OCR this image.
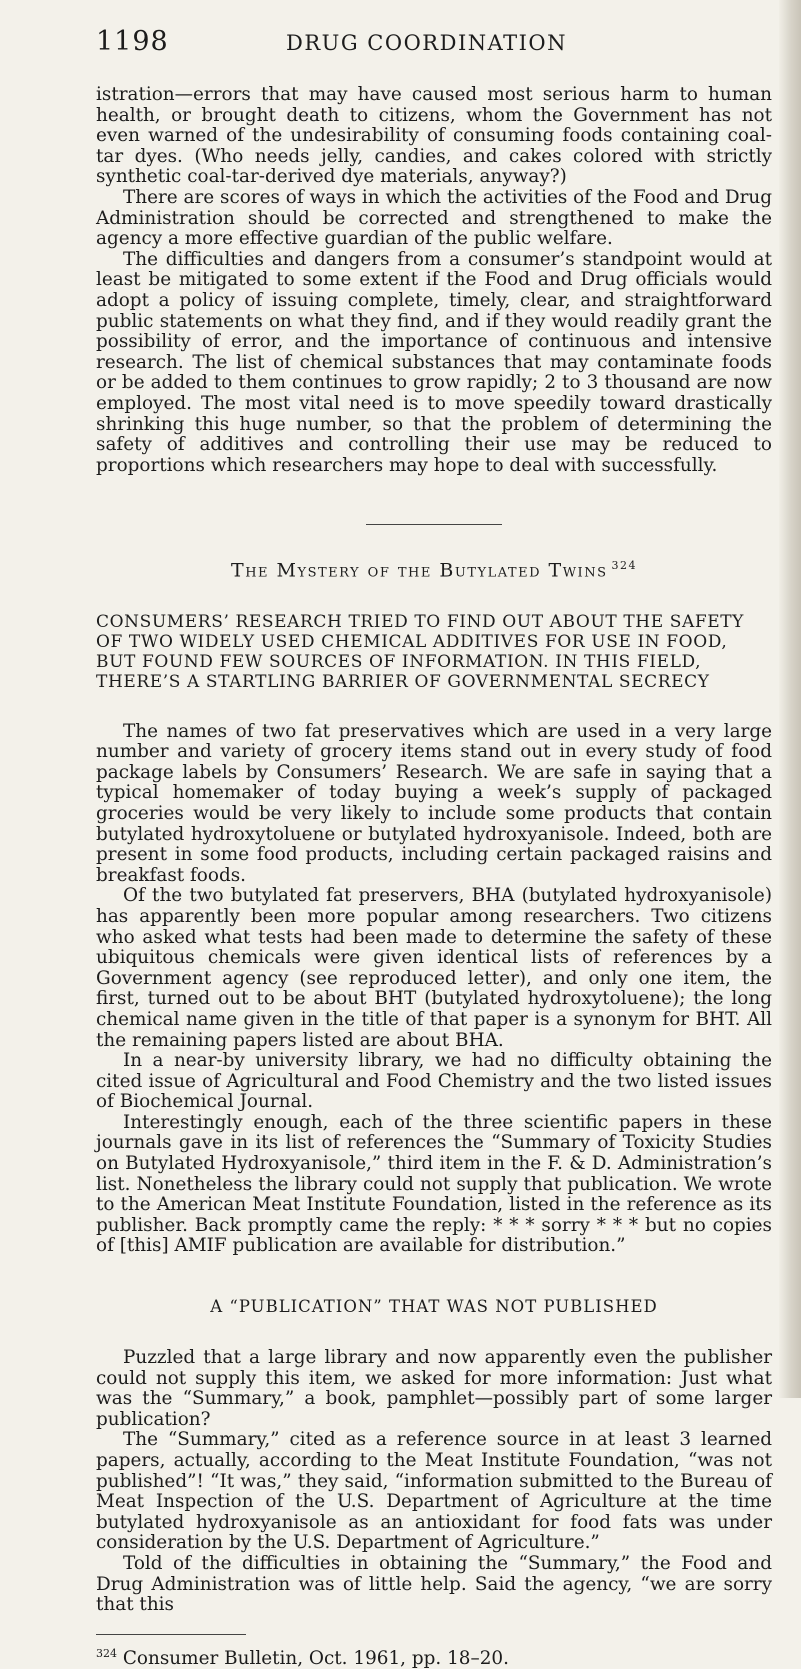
1198	DRUG COORDINATION

istration—errors that may have caused most serious harm to human health, or brought death to citizens, whom the Government has not even warned of the undesirability of consuming foods containing coal-tar dyes. (Who needs jelly, candies, and cakes colored with strictly synthetic coal-tar-derived dye materials, anyway?)

There are scores of ways in which the activities of the Food and Drug Administration should be corrected and strengthened to make the agency a more effective guardian of the public welfare.

The difficulties and dangers from a consumer’s standpoint would at least be mitigated to some extent if the Food and Drug officials would adopt a policy of issuing complete, timely, clear, and straightforward public statements on what they find, and if they would readily grant the possibility of error, and the importance of continuous and intensive research. The list of chemical substances that may contaminate foods or be added to them continues to grow rapidly; 2 to 3 thousand are now employed. The most vital need is to move speedily toward drastically shrinking this huge number, so that the problem of determining the safety of additives and controlling their use may be reduced to proportions which researchers may hope to deal with successfully.

The Mystery of the Butylated Twins $^{324}$

CONSUMERS’ RESEARCH TRIED TO FIND OUT ABOUT THE SAFETY OF TWO WIDELY USED CHEMICAL ADDITIVES FOR USE IN FOOD, BUT FOUND FEW SOURCES OF INFORMATION. IN THIS FIELD, THERE’S A STARTLING BARRIER OF GOVERNMENTAL SECRECY

The names of two fat preservatives which are used in a very large number and variety of grocery items stand out in every study of food package labels by Consumers’ Research. We are safe in saying that a typical homemaker of today buying a week’s supply of packaged groceries would be very likely to include some products that contain butylated hydroxytoluene or butylated hydroxyanisole. Indeed, both are present in some food products, including certain packaged raisins and breakfast foods.

Of the two butylated fat preservers, BHA (butylated hydroxyanisole) has apparently been more popular among researchers. Two citizens who asked what tests had been made to determine the safety of these ubiquitous chemicals were given identical lists of references by a Government agency (see reproduced letter), and only one item, the first, turned out to be about BHT (butylated hydroxytoluene); the long chemical name given in the title of that paper is a synonym for BHT. All the remaining papers listed are about BHA.

In a near-by university library, we had no difficulty obtaining the cited issue of Agricultural and Food Chemistry and the two listed issues of Biochemical Journal.

Interestingly enough, each of the three scientific papers in these journals gave in its list of references the “Summary of Toxicity Studies on Butylated Hydroxyanisole,” third item in the F. & D. Administration’s list. Nonetheless the library could not supply that publication. We wrote to the American Meat Institute Foundation, listed in the reference as its publisher. Back promptly came the reply: * * * sorry * * * but no copies of [this] AMIF publication are available for distribution.”

A “PUBLICATION” THAT WAS NOT PUBLISHED

Puzzled that a large library and now apparently even the publisher could not supply this item, we asked for more information: Just what was the “Summary,” a book, pamphlet—possibly part of some larger publication?

The “Summary,” cited as a reference source in at least 3 learned papers, actually, according to the Meat Institute Foundation, “was not published”! “It was,” they said, “information submitted to the Bureau of Meat Inspection of the U.S. Department of Agriculture at the time butylated hydroxyanisole as an antioxidant for food fats was under consideration by the U.S. Department of Agriculture.”

Told of the difficulties in obtaining the “Summary,” the Food and Drug Administration was of little help. Said the agency, “we are sorry that this

$^{324}$ Consumer Bulletin, Oct. 1961, pp. 18–20.
